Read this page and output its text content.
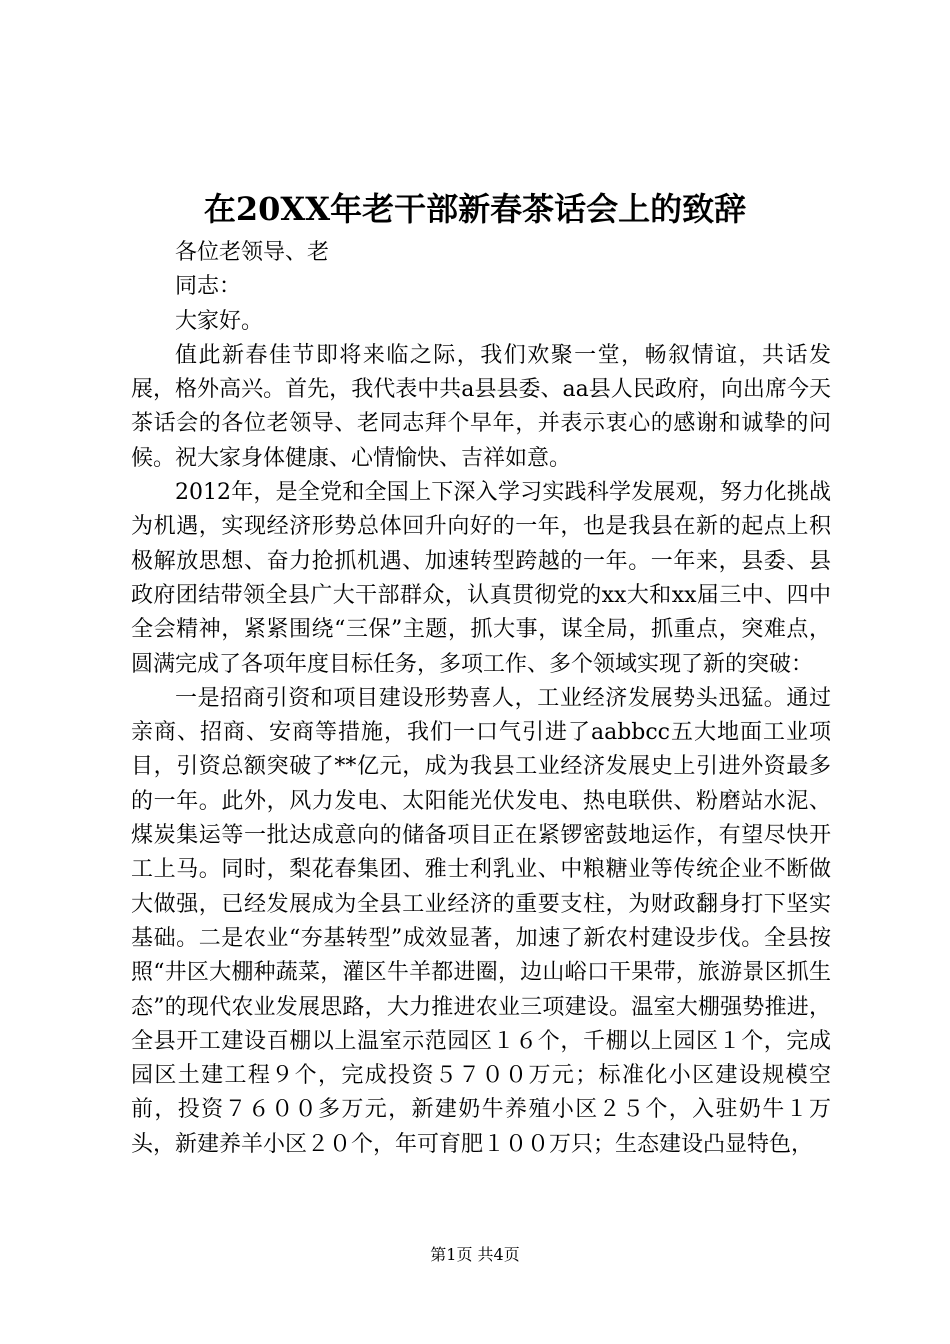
在20XX年老干部新春茶话会上的致辞

各位老领导、老

同志：

大家好。

值此新春佳节即将来临之际，我们欢聚一堂，畅叙情谊，共话发展，格外高兴。首先，我代表中共a县县委、aa县人民政府，向出席今天茶话会的各位老领导、老同志拜个早年，并表示衷心的感谢和诚挚的问候。祝大家身体健康、心情愉快、吉祥如意。

2012年，是全党和全国上下深入学习实践科学发展观，努力化挑战为机遇，实现经济形势总体回升向好的一年，也是我县在新的起点上积极解放思想、奋力抢抓机遇、加速转型跨越的一年。一年来，县委、县政府团结带领全县广大干部群众，认真贯彻党的xx大和xx届三中、四中全会精神，紧紧围绕“三保”主题，抓大事，谋全局，抓重点，突难点，圆满完成了各项年度目标任务，多项工作、多个领域实现了新的突破：

一是招商引资和项目建设形势喜人，工业经济发展势头迅猛。通过亲商、招商、安商等措施，我们一口气引进了aabbcc五大地面工业项目，引资总额突破了**亿元，成为我县工业经济发展史上引进外资最多的一年。此外，风力发电、太阳能光伏发电、热电联供、粉磨站水泥、煤炭集运等一批达成意向的储备项目正在紧锣密鼓地运作，有望尽快开工上马。同时，梨花春集团、雅士利乳业、中粮糖业等传统企业不断做大做强，已经发展成为全县工业经济的重要支柱，为财政翻身打下坚实基础。二是农业“夯基转型”成效显著，加速了新农村建设步伐。全县按照“井区大棚种蔬菜，灌区牛羊都进圈，边山峪口干果带，旅游景区抓生态”的现代农业发展思路，大力推进农业三项建设。温室大棚强势推进，全县开工建设百棚以上温室示范园区１６个，千棚以上园区１个，完成园区土建工程９个，完成投资５７００万元；标准化小区建设规模空前，投资７６００多万元，新建奶牛养殖小区２５个，入驻奶牛１万头，新建养羊小区２０个，年可育肥１００万只；生态建设凸显特色，

第1页 共4页
